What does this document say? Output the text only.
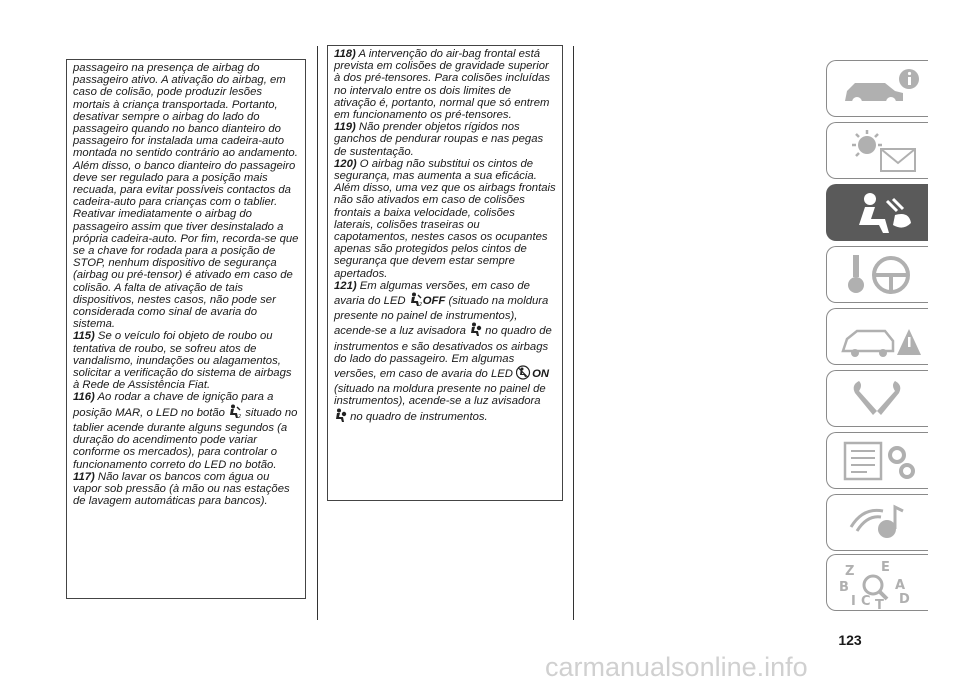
passageiro na presença de airbag do passageiro ativo. A ativação do airbag, em caso de colisão, pode produzir lesões mortais à criança transportada. Portanto, desativar sempre o airbag do lado do passageiro quando no banco dianteiro do passageiro for instalada uma cadeira-auto montada no sentido contrário ao andamento. Além disso, o banco dianteiro do passageiro deve ser regulado para a posição mais recuada, para evitar possíveis contactos da cadeira-auto para crianças com o tablier. Reativar imediatamente o airbag do passageiro assim que tiver desinstalado a própria cadeira-auto. Por fim, recorda-se que se a chave for rodada para a posição de STOP, nenhum dispositivo de segurança (airbag ou pré-tensor) é ativado em caso de colisão. A falta de ativação de tais dispositivos, nestes casos, não pode ser considerada como sinal de avaria do sistema.

115) Se o veículo foi objeto de roubo ou tentativa de roubo, se sofreu atos de vandalismo, inundações ou alagamentos, solicitar a verificação do sistema de airbags à Rede de Assistência Fiat.

116) Ao rodar a chave de ignição para a posição MAR, o LED no botão	2 situado no tablier acende durante alguns segundos (a duração do acendimento pode variar conforme os mercados), para controlar o funcionamento correto do LED no botão.

117) Não lavar os bancos com água ou vapor sob pressão (à mão ou nas estações de lavagem automáticas para bancos).

118) A intervenção do air-bag frontal está prevista em colisões de gravidade superior à dos pré-tensores. Para colisões incluídas no intervalo entre os dois limites de ativação é, portanto, normal que só entrem em funcionamento os pré-tensores.

119) Não prender objetos rígidos nos ganchos de pendurar roupas e nas pegas de sustentação.

120) O airbag não substitui os cintos de segurança, mas aumenta a sua eficácia. Além disso, uma vez que os airbags frontais não são ativados em caso de colisões frontais a baixa velocidade, colisões laterais, colisões traseiras ou capotamentos, nestes casos os ocupantes apenas são protegidos pelos cintos de segurança que devem estar sempre apertados.

121) Em algumas versões, em caso de avaria do LED	2 OFF (situado na moldura presente no painel de instrumentos), acende-se a luz avisadora no quadro de instrumentos e são desativados os airbags do lado do passageiro. Em algumas versões, em caso de avaria do LED ON (situado na moldura presente no painel de instrumentos), acende-se a luz avisadora  no quadro de instrumentos.

Z E
B	A
I C T D
123
carmanualsonline.info
